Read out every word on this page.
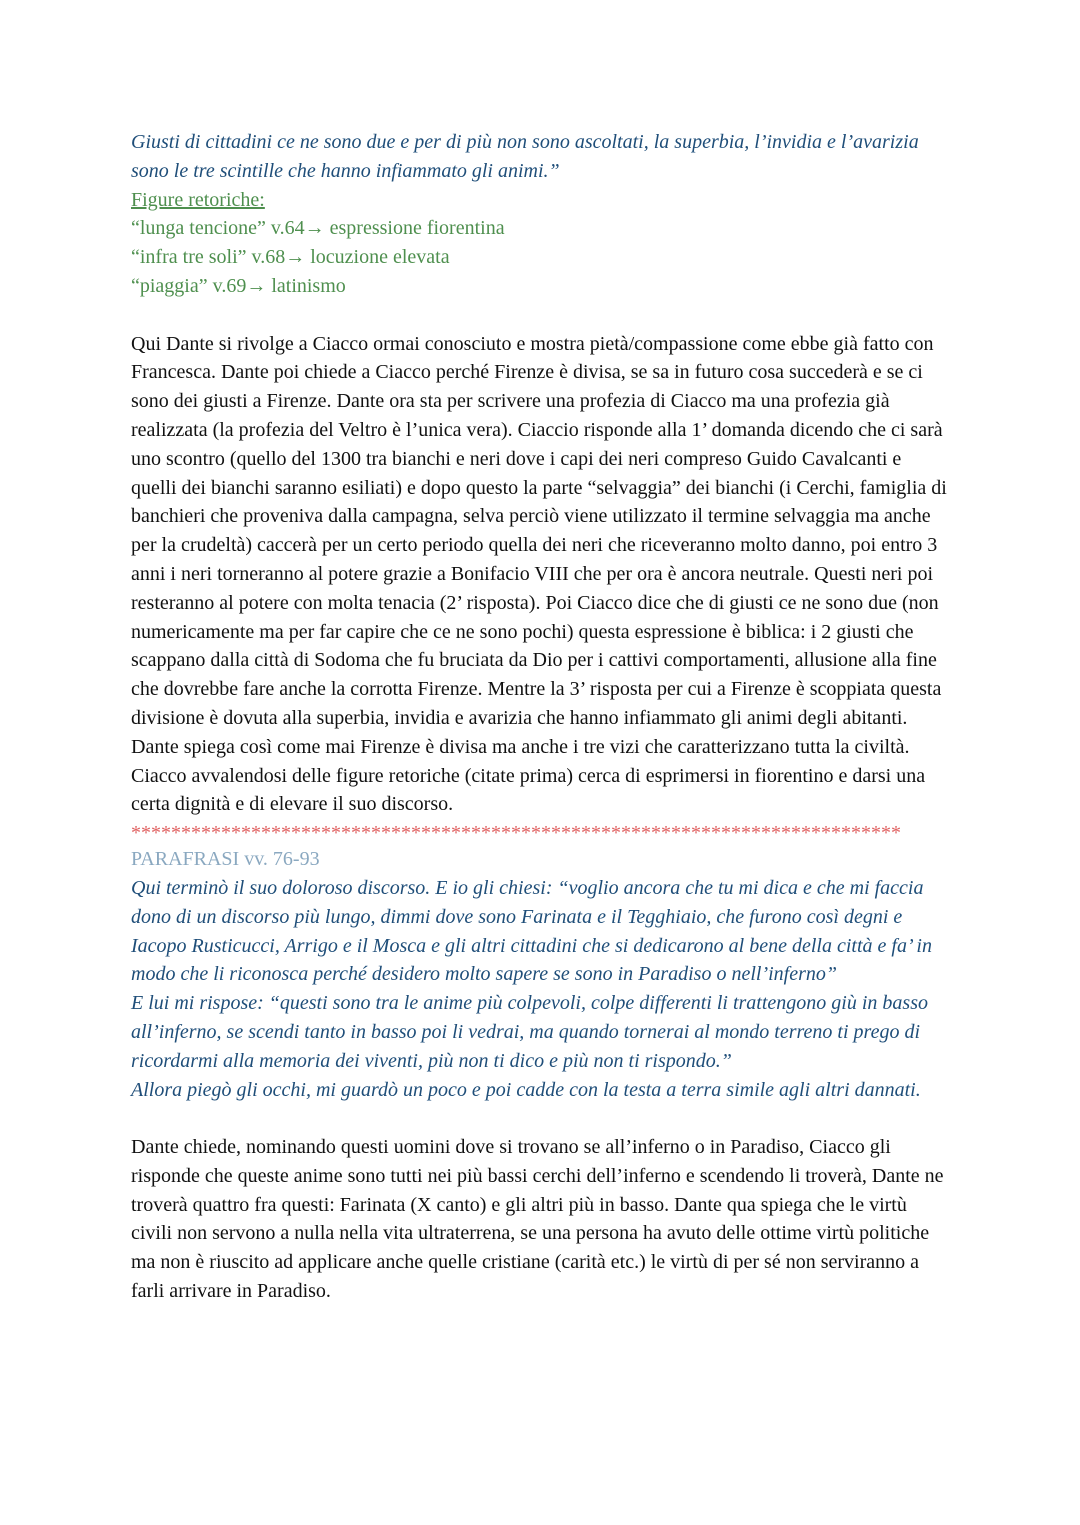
Giusti di cittadini ce ne sono due e per di più non sono ascoltati, la superbia, l’invidia e l’avarizia sono le tre scintille che hanno infiammato gli animi.”

Figure retoriche:

“lunga tencione” v.64→ espressione fiorentina

“infra tre soli” v.68→ locuzione elevata

“piaggia” v.69→ latinismo

Qui Dante si rivolge a Ciacco ormai conosciuto e mostra pietà/compassione come ebbe già fatto con Francesca. Dante poi chiede a Ciacco perché Firenze è divisa, se sa in futuro cosa succederà e se ci sono dei giusti a Firenze. Dante ora sta per scrivere una profezia di Ciacco ma una profezia già realizzata (la profezia del Veltro è l’unica vera). Ciaccio risponde alla 1’ domanda dicendo che ci sarà uno scontro (quello del 1300 tra bianchi e neri dove i capi dei neri compreso Guido Cavalcanti e quelli dei bianchi saranno esiliati) e dopo questo la parte “selvaggia” dei bianchi (i Cerchi, famiglia di banchieri che proveniva dalla campagna, selva perciò viene utilizzato il termine selvaggia ma anche per la crudeltà) caccerà per un certo periodo quella dei neri che riceveranno molto danno, poi entro 3 anni i neri torneranno al potere grazie a Bonifacio VIII che per ora è ancora neutrale. Questi neri poi resteranno al potere con molta tenacia (2’ risposta). Poi Ciacco dice che di giusti ce ne sono due (non numericamente ma per far capire che ce ne sono pochi) questa espressione è biblica: i 2 giusti che scappano dalla città di Sodoma che fu bruciata da Dio per i cattivi comportamenti, allusione alla fine che dovrebbe fare anche la corrotta Firenze. Mentre la 3’ risposta per cui a Firenze è scoppiata questa divisione è dovuta alla superbia, invidia e avarizia che hanno infiammato gli animi degli abitanti. Dante spiega così come mai Firenze è divisa ma anche i tre vizi che caratterizzano tutta la civiltà. Ciacco avvalendosi delle figure retoriche (citate prima) cerca di esprimersi in fiorentino e darsi una certa dignità e di elevare il suo discorso.

*****************************************************************************

PARAFRASI vv. 76-93

Qui terminò il suo doloroso discorso. E io gli chiesi: “voglio ancora che tu mi dica e che mi faccia dono di un discorso più lungo, dimmi dove sono Farinata e il Tegghiaio, che furono così degni e Iacopo Rusticucci, Arrigo e il Mosca e gli altri cittadini che si dedicarono al bene della città e fa’ in modo che li riconosca perché desidero molto sapere se sono in Paradiso o nell’inferno”

E lui mi rispose: “questi sono tra le anime più colpevoli, colpe differenti li trattengono giù in basso all’inferno, se scendi tanto in basso poi li vedrai, ma quando tornerai al mondo terreno ti prego di ricordarmi alla memoria dei viventi, più non ti dico e più non ti rispondo.”

Allora piegò gli occhi, mi guardò un poco e poi cadde con la testa a terra simile agli altri dannati.

Dante chiede, nominando questi uomini dove si trovano se all’inferno o in Paradiso, Ciacco gli risponde che queste anime sono tutti nei più bassi cerchi dell’inferno e scendendo li troverà, Dante ne troverà quattro fra questi: Farinata (X canto) e gli altri più in basso. Dante qua spiega che le virtù civili non servono a nulla nella vita ultraterrena, se una persona ha avuto delle ottime virtù politiche ma non è riuscito ad applicare anche quelle cristiane (carità etc.) le virtù di per sé non serviranno a farli arrivare in Paradiso.
